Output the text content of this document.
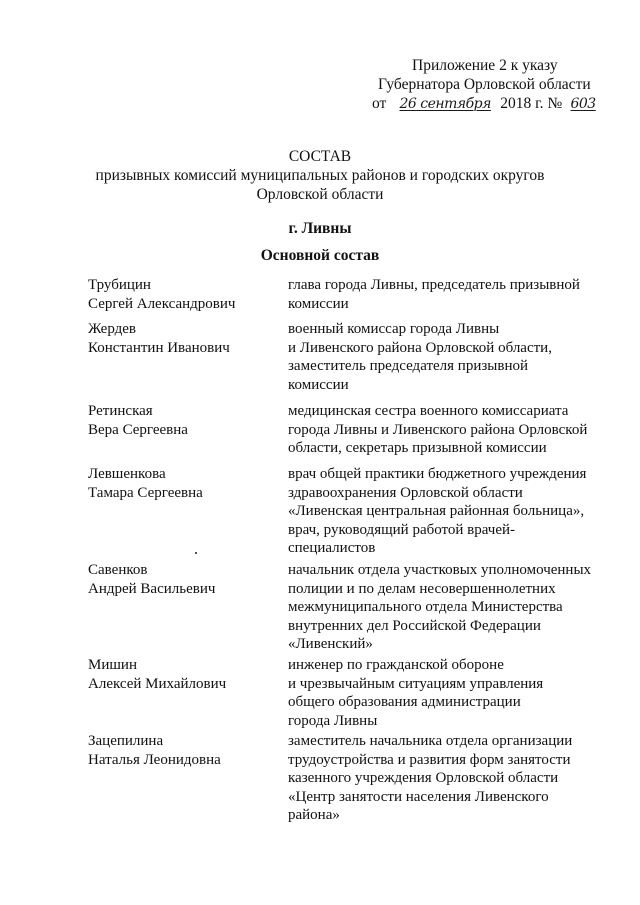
Приложение 2 к указу
Губернатора Орловской области
от 26 сентября 2018 г. № 603
СОСТАВ
призывных комиссий муниципальных районов и городских округов
Орловской области
г. Ливны
Основной состав
Трубицин
Сергей Александрович
глава города Ливны, председатель призывной
комиссии
Жердев
Константин Иванович
военный комиссар города Ливны
и Ливенского района Орловской области,
заместитель председателя призывной
комиссии
Ретинская
Вера Сергеевна
медицинская сестра военного комиссариата
города Ливны и Ливенского района Орловской
области, секретарь призывной комиссии
Левшенкова
Тамара Сергеевна
врач общей практики бюджетного учреждения
здравоохранения Орловской области
«Ливенская центральная районная больница»,
врач, руководящий работой врачей-
специалистов
Савенков
Андрей Васильевич
начальник отдела участковых уполномоченных
полиции и по делам несовершеннолетних
межмуниципального отдела Министерства
внутренних дел Российской Федерации
«Ливенский»
Мишин
Алексей Михайлович
инженер по гражданской обороне
и чрезвычайным ситуациям управления
общего образования администрации
города Ливны
Зацепилина
Наталья Леонидовна
заместитель начальника отдела организации
трудоустройства и развития форм занятости
казенного учреждения Орловской области
«Центр занятости населения Ливенского
района»
